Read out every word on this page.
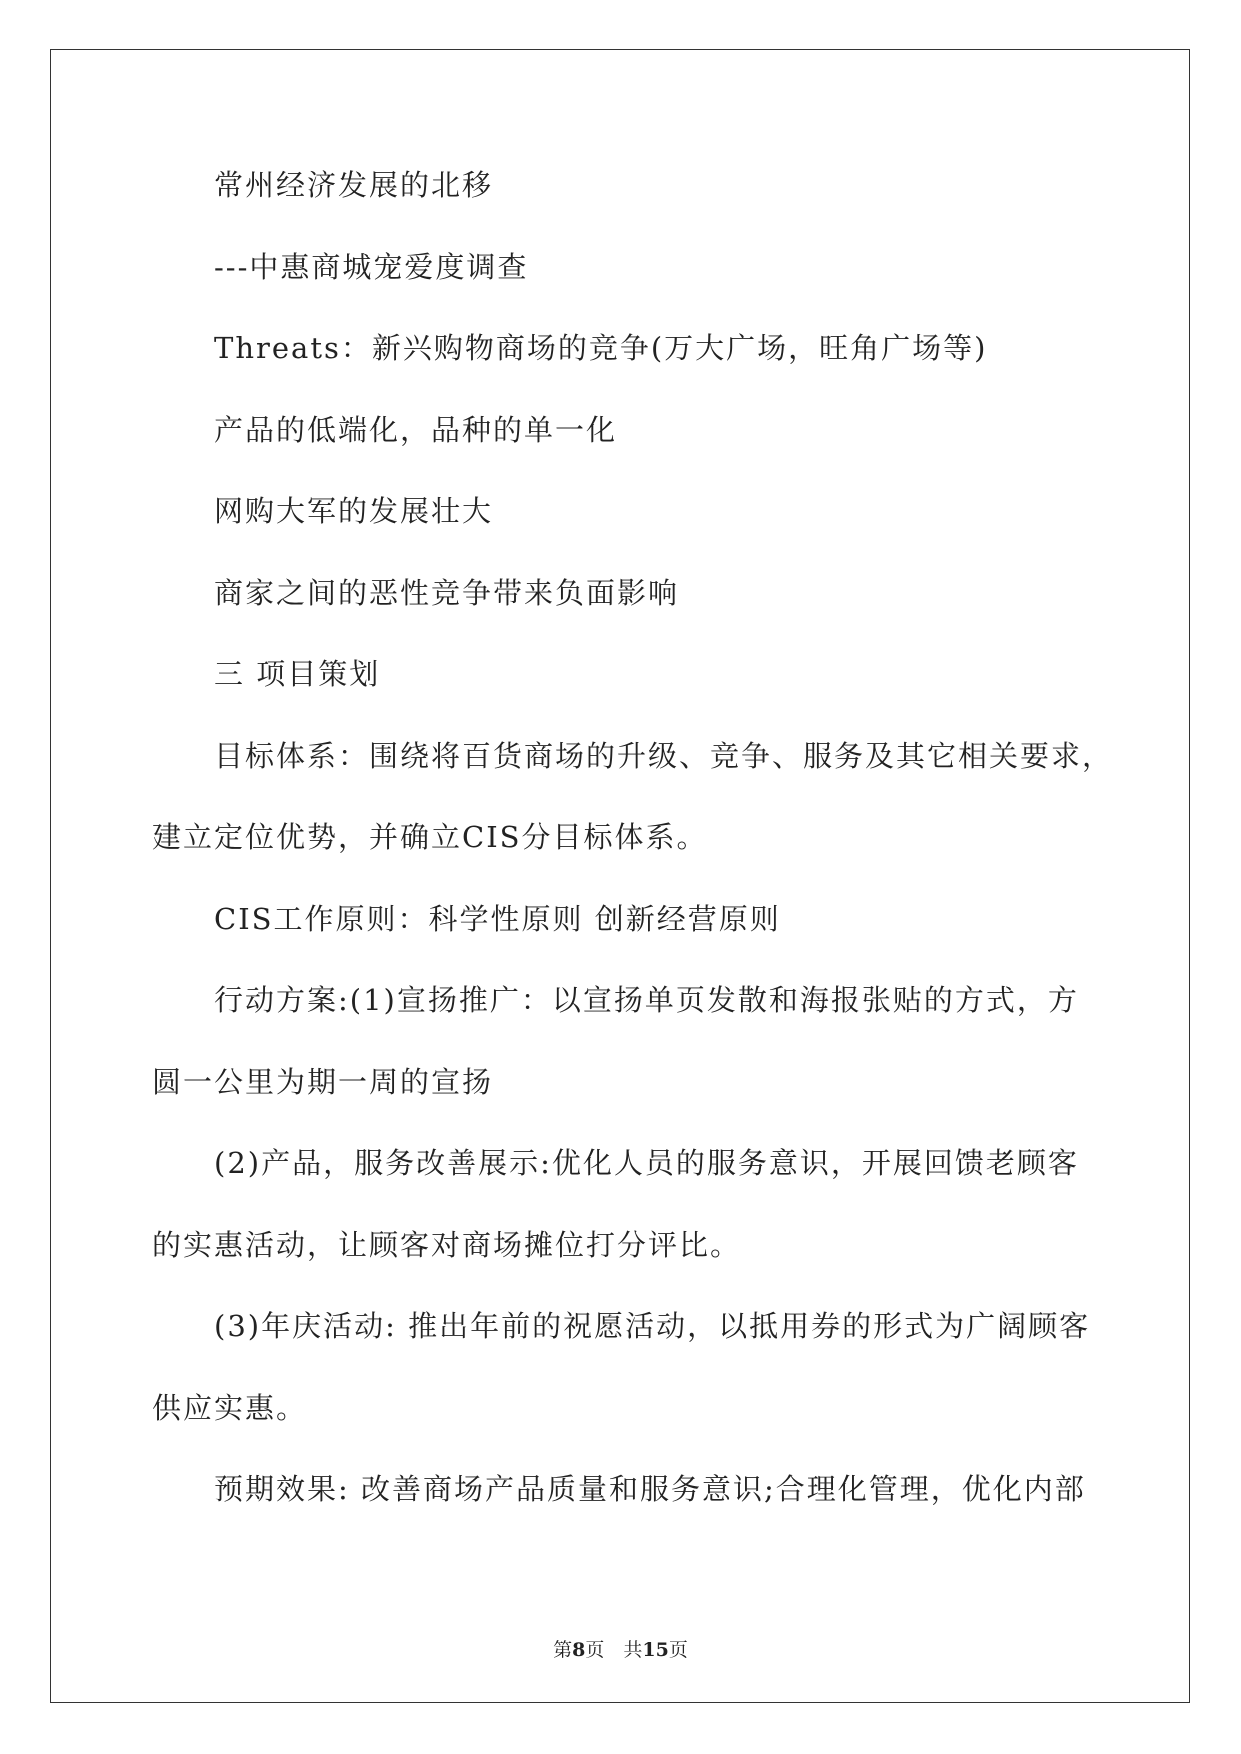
常州经济发展的北移
---中惠商城宠爱度调查
Threats：新兴购物商场的竞争(万大广场，旺角广场等)
产品的低端化，品种的单一化
网购大军的发展壮大
商家之间的恶性竞争带来负面影响
三 项目策划
目标体系：围绕将百货商场的升级、竞争、服务及其它相关要求，
建立定位优势，并确立CIS分目标体系。
CIS工作原则：科学性原则 创新经营原则
行动方案:(1)宣扬推广：以宣扬单页发散和海报张贴的方式，方
圆一公里为期一周的宣扬
(2)产品，服务改善展示:优化人员的服务意识，开展回馈老顾客
的实惠活动，让顾客对商场摊位打分评比。
(3)年庆活动: 推出年前的祝愿活动，以抵用券的形式为广阔顾客
供应实惠。
预期效果: 改善商场产品质量和服务意识;合理化管理，优化内部
第8页　共15页
